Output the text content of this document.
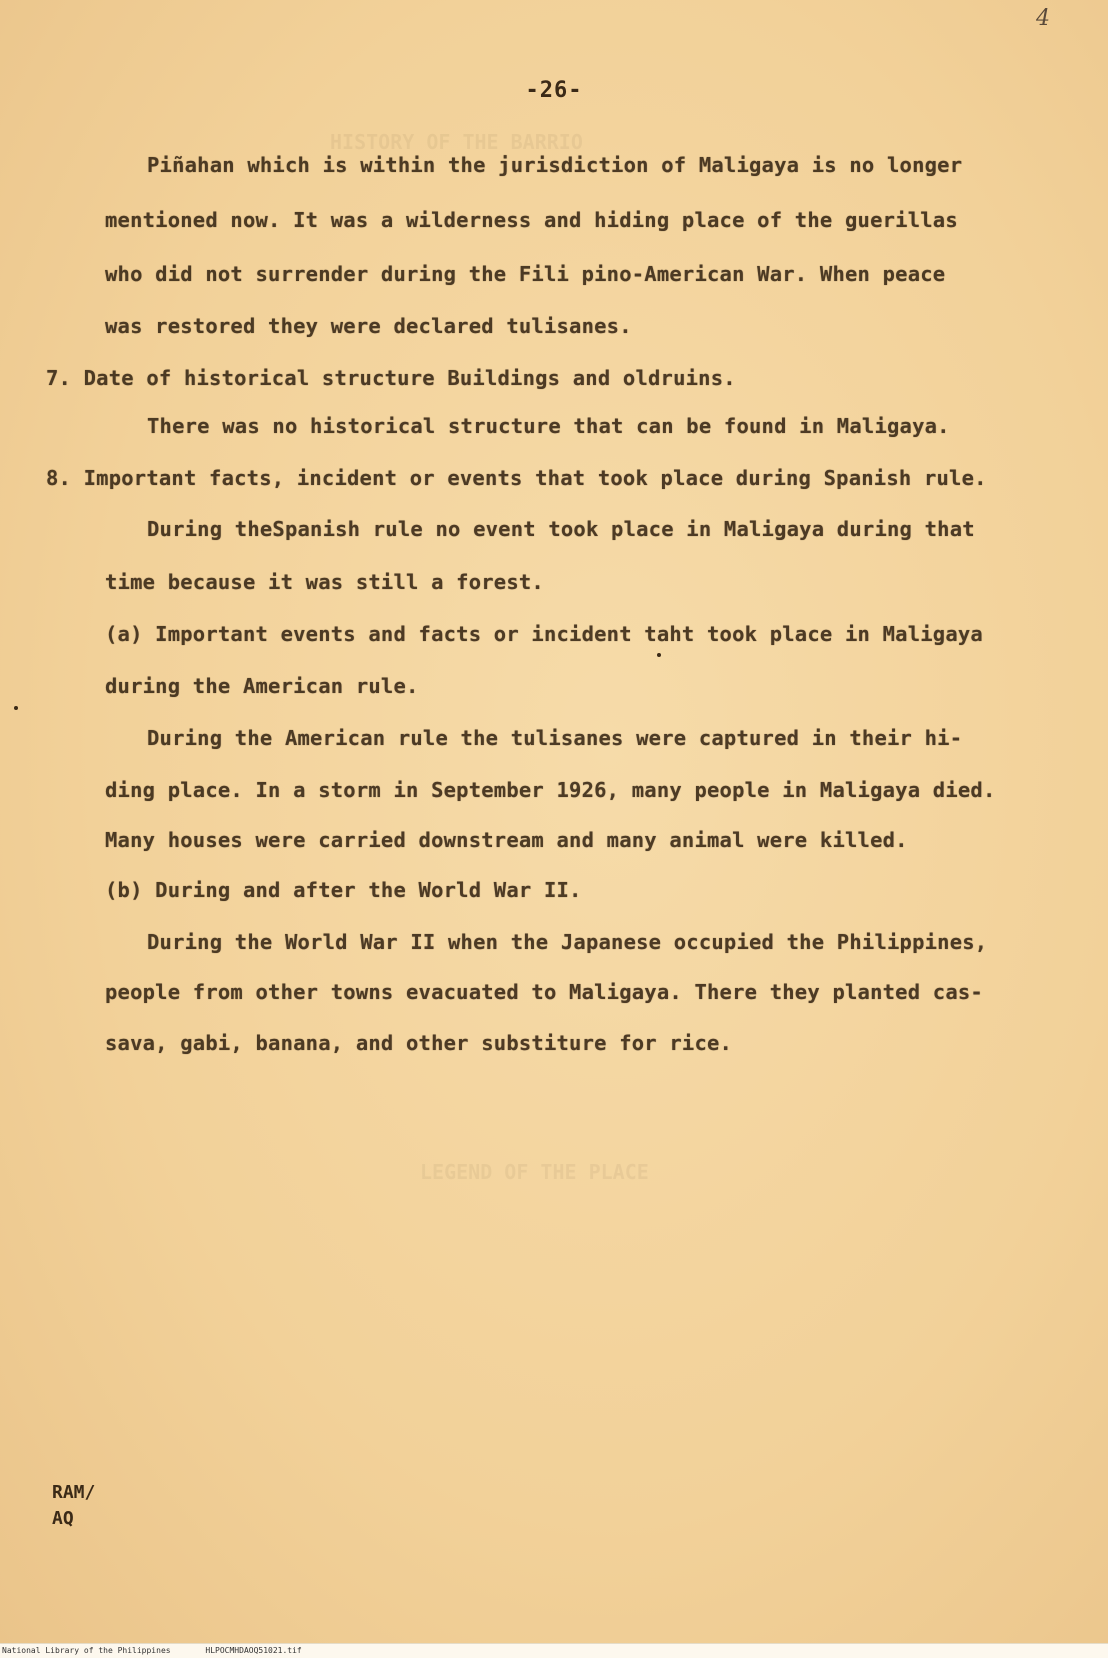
4
-26-
HISTORY OF THE BARRIO
LEGEND OF THE PLACE
Piñahan which is within the jurisdiction of Maligaya is no longer
mentioned now. It was a wilderness and hiding place of the guerillas
who did not surrender during the Fili pino-American War. When peace
was restored they were declared tulisanes.
7. Date of historical structure Buildings and oldruins.
There was no historical structure that can be found in Maligaya.
8. Important facts, incident or events that took place during Spanish rule.
During theSpanish rule no event took place in Maligaya during that
time because it was still a forest.
(a) Important events and facts or incident taht took place in Maligaya
during the American rule.
During the American rule the tulisanes were captured in their hi-
ding place. In a storm in September 1926, many people in Maligaya died.
Many houses were carried downstream and many animal were killed.
(b) During and after the World War II.
During the World War II when the Japanese occupied the Philippines,
people from other towns evacuated to Maligaya. There they planted cas-
sava, gabi, banana, and other substiture for rice.
RAM/
AQ
National Library of the Philippines	HLPOCMHDAOQ51021.tif
